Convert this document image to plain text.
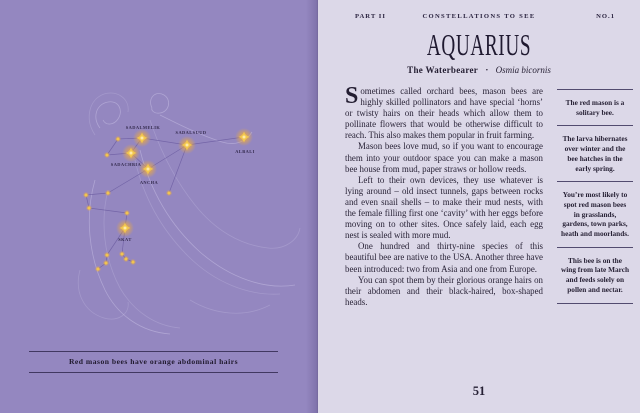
SADALMELIK
SADALSUUD
ALBALI
SADACHBIA
ANCHA
SKAT
Red mason bees have orange abdominal hairs
PART II	CONSTELLATIONS TO SEE	NO.1
AQUARIUS
The Waterbearer · Osmia bicornis

Sometimes called orchard bees, mason bees are highly skilled pollinators and have special ‘horns’ or twisty hairs on their heads which allow them to pollinate flowers that would be otherwise difficult to reach. This also makes them popular in fruit farming.

Mason bees love mud, so if you want to encourage them into your outdoor space you can make a mason bee house from mud, paper straws or hollow reeds.

Left to their own devices, they use whatever is lying around – old insect tunnels, gaps between rocks and even snail shells – to make their mud nests, with the female filling first one ‘cavity’ with her eggs before moving on to other sites. Once safely laid, each egg nest is sealed with more mud.

One hundred and thirty-nine species of this beautiful bee are native to the USA. Another three have been introduced: two from Asia and one from Europe.

You can spot them by their glorious orange hairs on their abdomen and their black-haired, box-shaped heads.

The red mason is a solitary bee.
The larva hibernates over winter and the bee hatches in the early spring.
You’re most likely to spot red mason bees in grasslands, gardens, town parks, heath and moorlands.
This bee is on the wing from late March and feeds solely on pollen and nectar.
51
